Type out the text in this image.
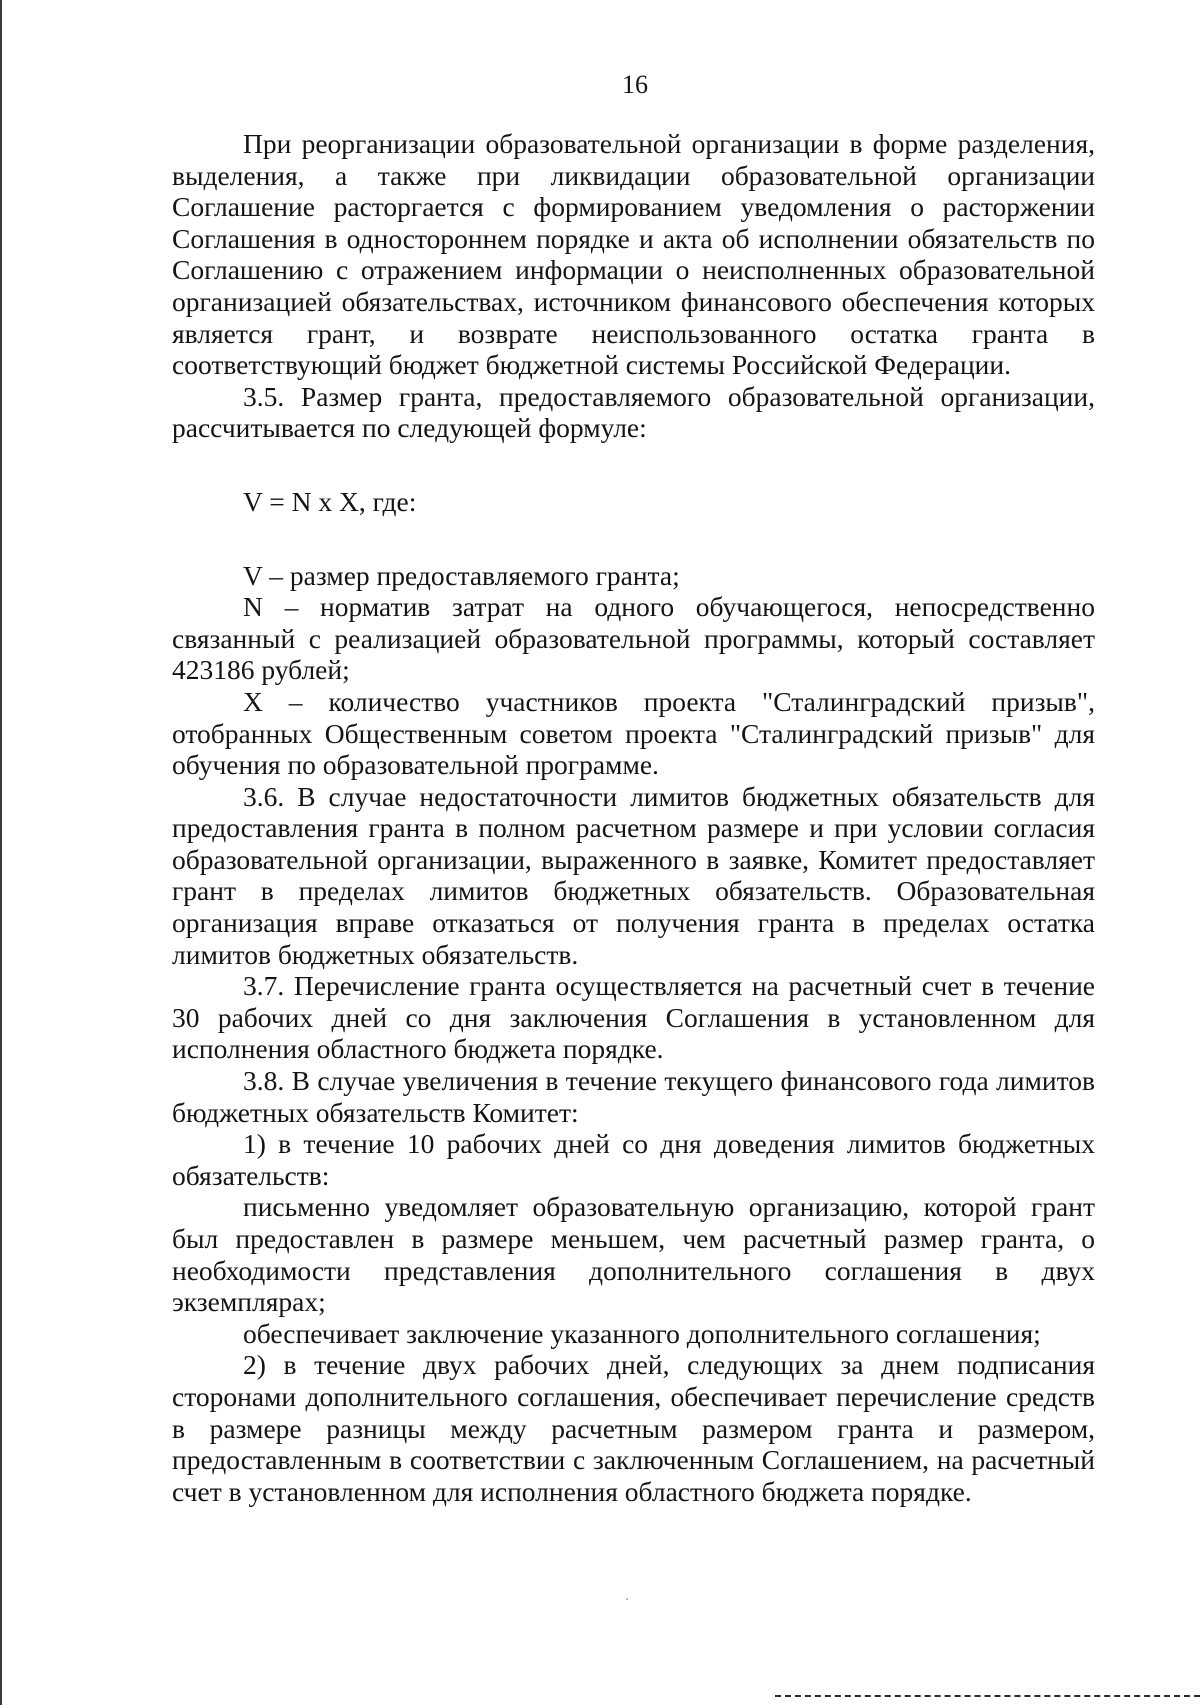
16

При реорганизации образовательной организации в форме разделения, выделения, а также при ликвидации образовательной организации Соглашение расторгается с формированием уведомления о расторжении Соглашения в одностороннем порядке и акта об исполнении обязательств по Соглашению с отражением информации о неисполненных образовательной организацией обязательствах, источником финансового обеспечения которых является грант, и возврате неиспользованного остатка гранта в соответствующий бюджет бюджетной системы Российской Федерации.

3.5. Размер гранта, предоставляемого образовательной организации, рассчитывается по следующей формуле:

V = N x X, где:

V – размер предоставляемого гранта;

N – норматив затрат на одного обучающегося, непосредственно связанный с реализацией образовательной программы, который составляет 423186 рублей;

X – количество участников проекта "Сталинградский призыв", отобранных Общественным советом проекта "Сталинградский призыв" для обучения по образовательной программе.

3.6. В случае недостаточности лимитов бюджетных обязательств для предоставления гранта в полном расчетном размере и при условии согласия образовательной организации, выраженного в заявке, Комитет предоставляет грант в пределах лимитов бюджетных обязательств. Образовательная организация вправе отказаться от получения гранта в пределах остатка лимитов бюджетных обязательств.

3.7. Перечисление гранта осуществляется на расчетный счет в течение 30 рабочих дней со дня заключения Соглашения в установленном для исполнения областного бюджета порядке.

3.8. В случае увеличения в течение текущего финансового года лимитов бюджетных обязательств Комитет:

1) в течение 10 рабочих дней со дня доведения лимитов бюджетных обязательств:

письменно уведомляет образовательную организацию, которой грант был предоставлен в размере меньшем, чем расчетный размер гранта, о необходимости представления дополнительного соглашения в двух экземплярах;

обеспечивает заключение указанного дополнительного соглашения;

2) в течение двух рабочих дней, следующих за днем подписания сторонами дополнительного соглашения, обеспечивает перечисление средств в размере разницы между расчетным размером гранта и размером, предоставленным в соответствии с заключенным Соглашением, на расчетный счет в установленном для исполнения областного бюджета порядке.
